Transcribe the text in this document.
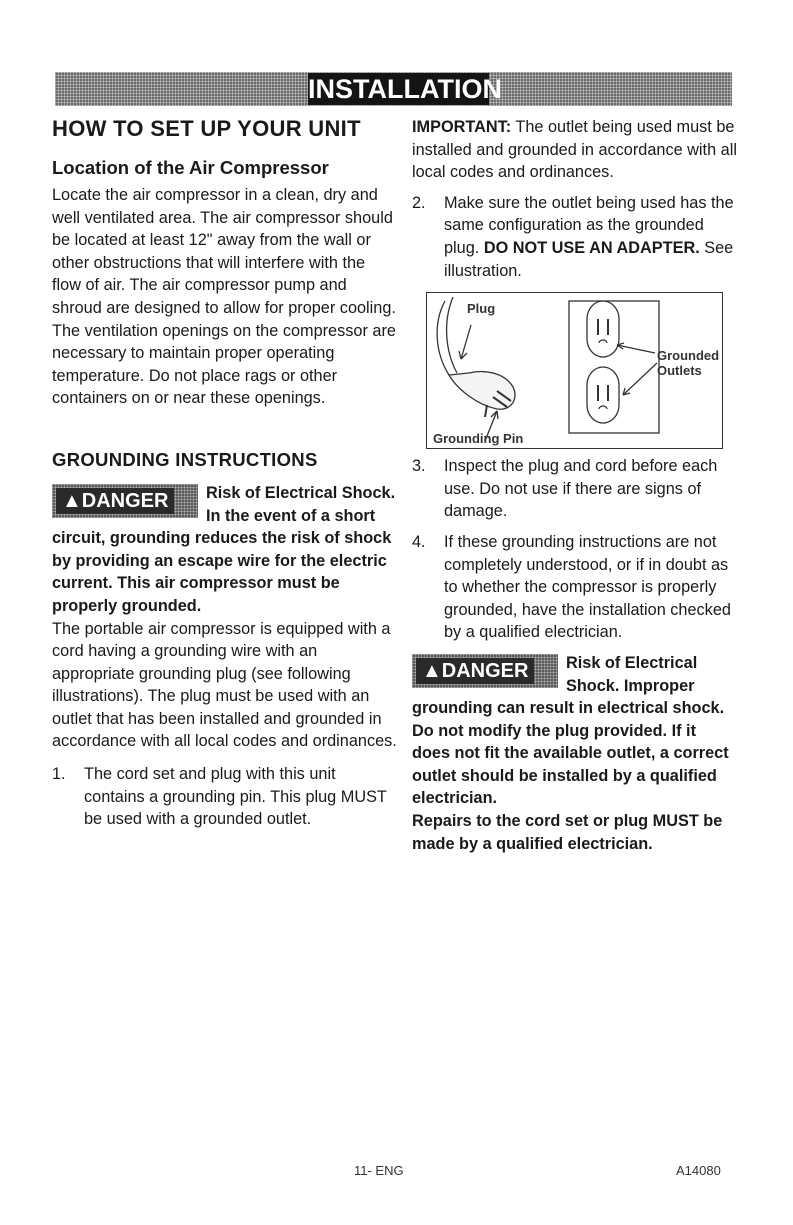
INSTALLATION
HOW TO SET UP YOUR UNIT
Location of the Air Compressor

Locate the air compressor in a clean, dry and well ventilated area. The air compressor should be located at least 12" away from the wall or other obstructions that will interfere with the flow of air. The air compressor pump and shroud are designed to allow for proper cooling. The ventilation openings on the compressor are necessary to maintain proper operating temperature. Do not place rags or other containers on or near these openings.

GROUNDING INSTRUCTIONS
▲DANGER	Risk of Electrical Shock. In the event of a short circuit, grounding reduces the risk of shock by providing an escape wire for the electric current. This air compressor must be properly grounded.

The portable air compressor is equipped with a cord having a grounding wire with an appropriate grounding plug (see following illustrations). The plug must be used with an outlet that has been installed and grounded in accordance with all local codes and ordinances.

1. The cord set and plug with this unit contains a grounding pin. This plug MUST be used with a grounded outlet.

IMPORTANT: The outlet being used must be installed and grounded in accordance with all local codes and ordinances.

2. Make sure the outlet being used has the same configuration as the grounded plug. DO NOT USE AN ADAPTER. See illustration.
Plug
Grounded
Outlets
Grounding Pin
3. Inspect the plug and cord before each use. Do not use if there are signs of damage.
4. If these grounding instructions are not completely understood, or if in doubt as to whether the compressor is properly grounded, have the installation checked by a qualified electrician.
▲DANGER	Risk of Electrical Shock. Improper grounding can result in electrical shock.

Do not modify the plug provided. If it does not fit the available outlet, a correct outlet should be installed by a qualified electrician.

Repairs to the cord set or plug MUST be made by a qualified electrician.

11- ENG	A14080
